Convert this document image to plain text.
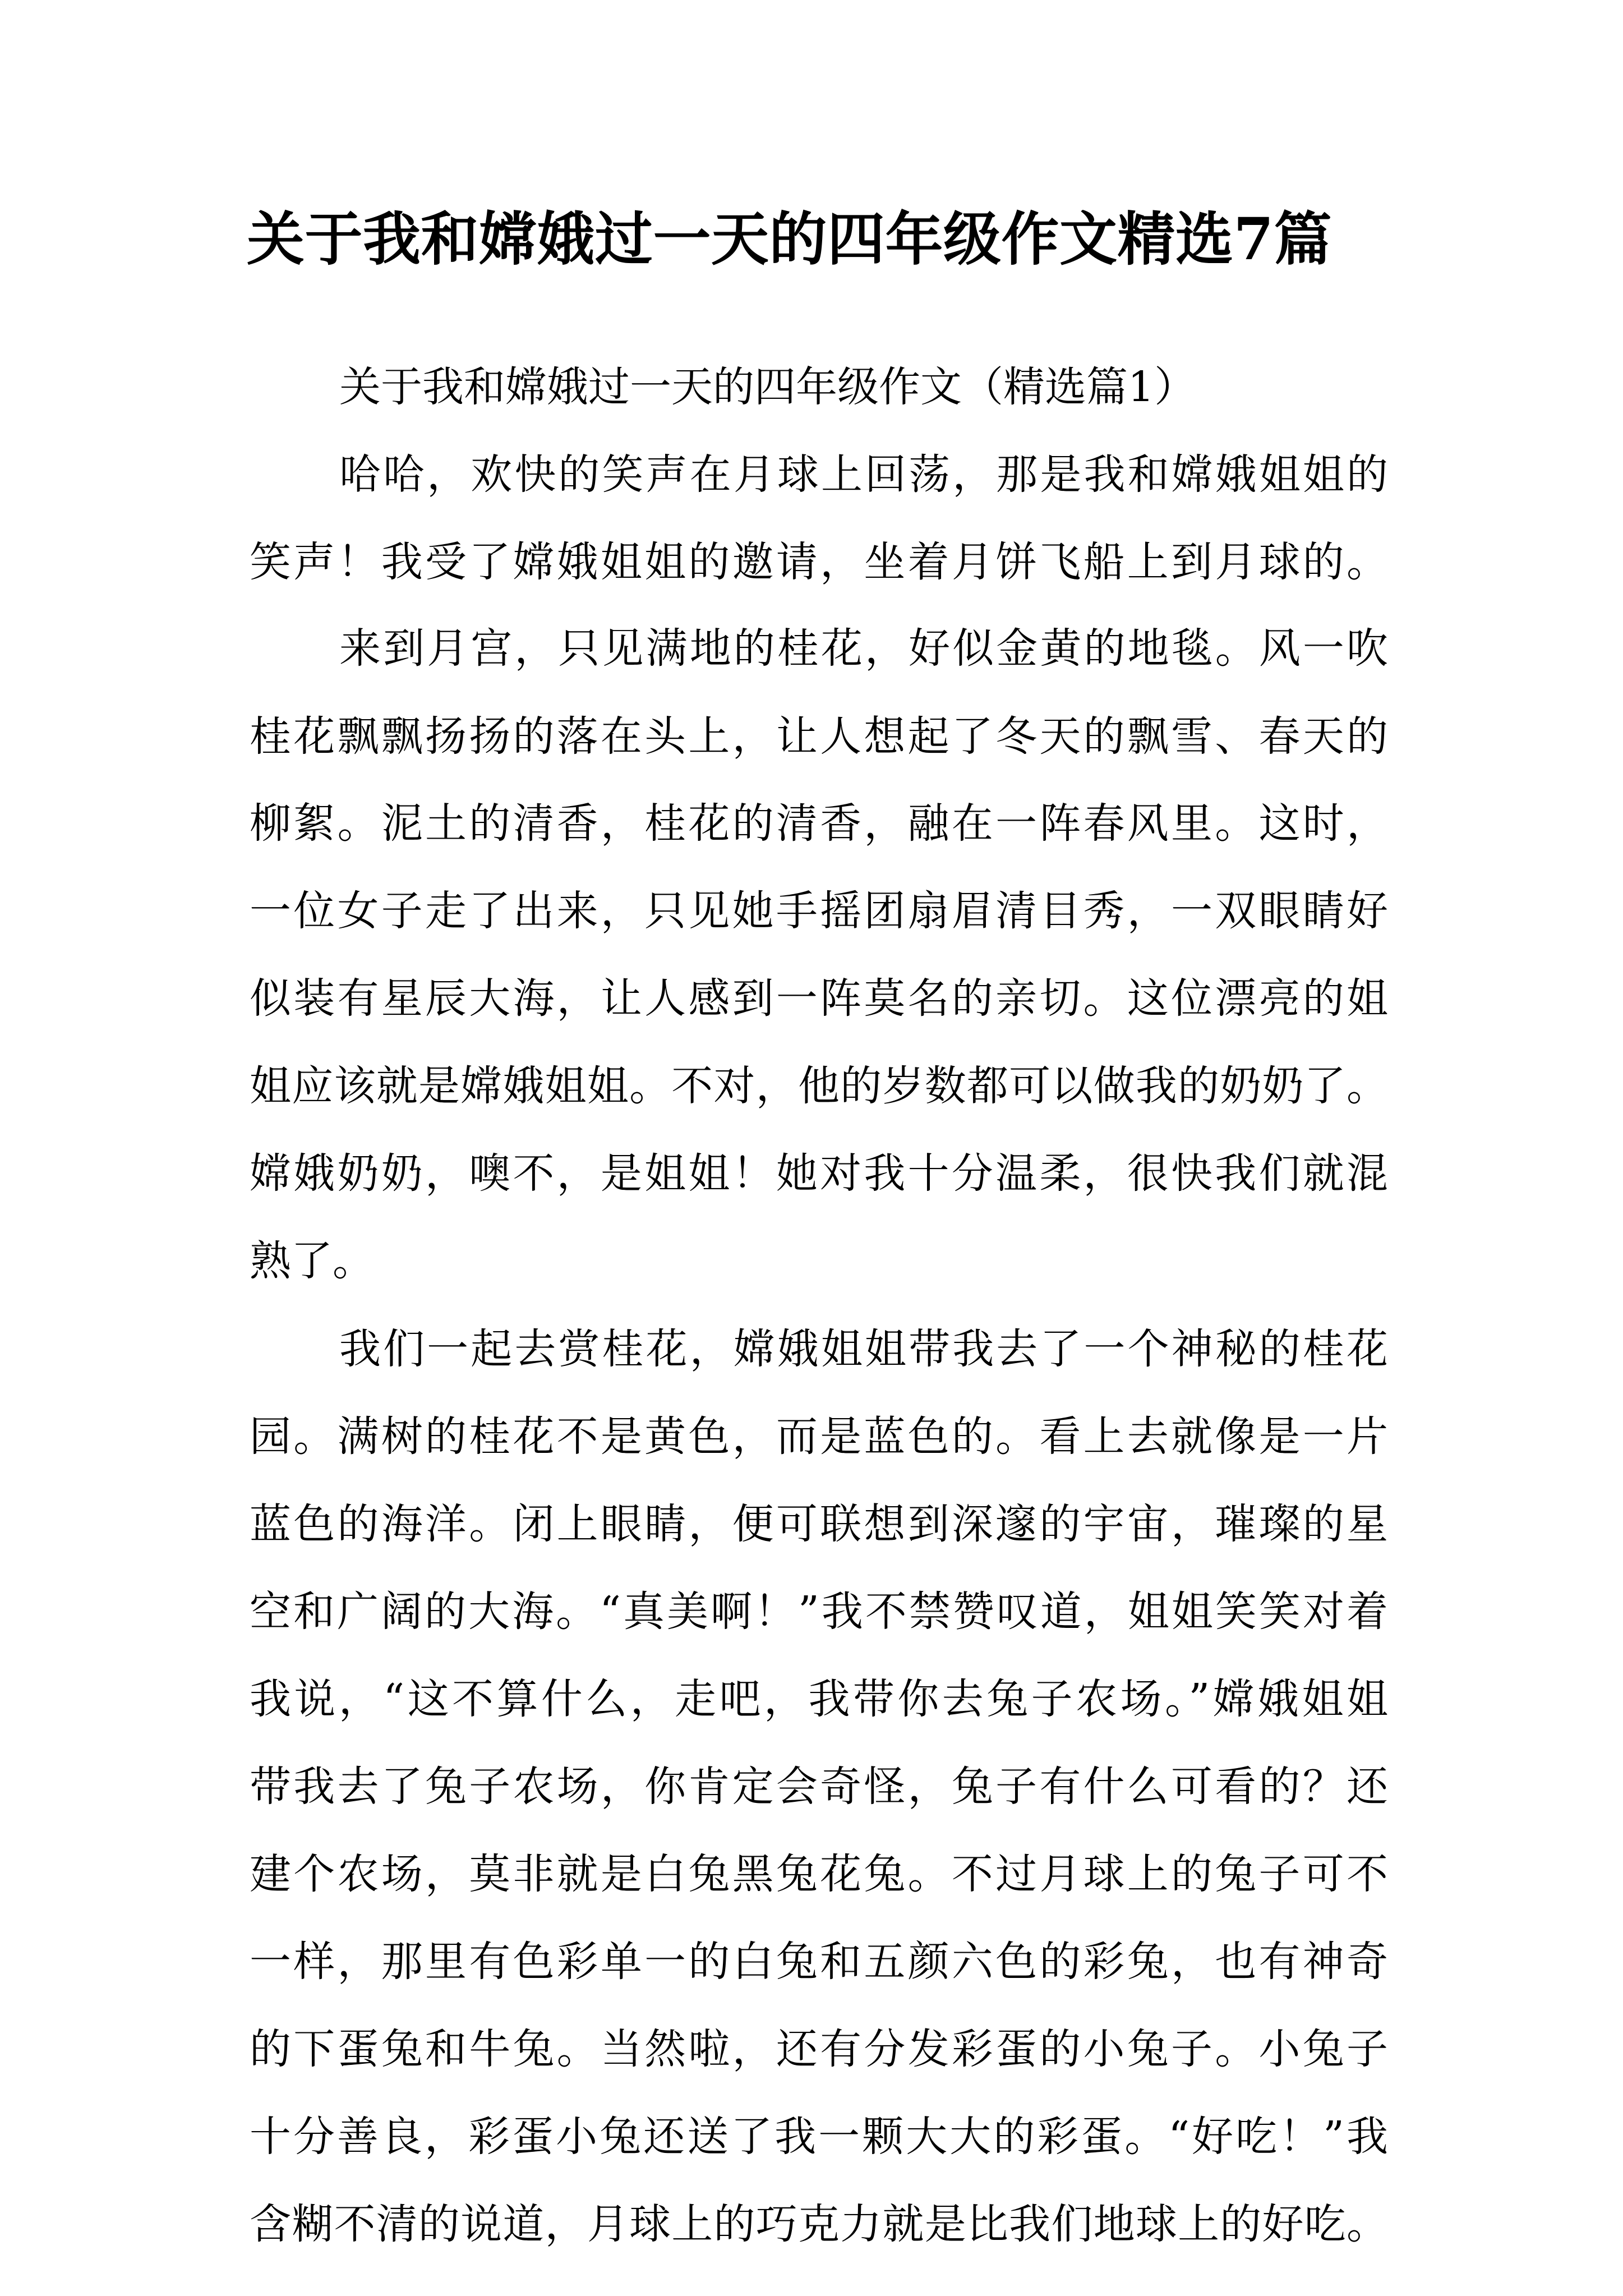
关于我和嫦娥过一天的四年级作文精选7篇
关于我和嫦娥过一天的四年级作文（精选篇1）
哈哈，欢快的笑声在月球上回荡，那是我和嫦娥姐姐的
笑声！我受了嫦娥姐姐的邀请，坐着月饼飞船上到月球的。
来到月宫，只见满地的桂花，好似金黄的地毯。风一吹
桂花飘飘扬扬的落在头上，让人想起了冬天的飘雪、春天的
柳絮。泥土的清香，桂花的清香，融在一阵春风里。这时，
一位女子走了出来，只见她手摇团扇眉清目秀，一双眼睛好
似装有星辰大海，让人感到一阵莫名的亲切。这位漂亮的姐
姐应该就是嫦娥姐姐。不对，他的岁数都可以做我的奶奶了。
嫦娥奶奶，噢不，是姐姐！她对我十分温柔，很快我们就混
熟了。
我们一起去赏桂花，嫦娥姐姐带我去了一个神秘的桂花
园。满树的桂花不是黄色，而是蓝色的。看上去就像是一片
蓝色的海洋。闭上眼睛，便可联想到深邃的宇宙，璀璨的星
空和广阔的大海。“真美啊！”我不禁赞叹道，姐姐笑笑对着
我说，“这不算什么，走吧，我带你去兔子农场。”嫦娥姐姐
带我去了兔子农场，你肯定会奇怪，兔子有什么可看的？还
建个农场，莫非就是白兔黑兔花兔。不过月球上的兔子可不
一样，那里有色彩单一的白兔和五颜六色的彩兔，也有神奇
的下蛋兔和牛兔。当然啦，还有分发彩蛋的小兔子。小兔子
十分善良，彩蛋小兔还送了我一颗大大的彩蛋。“好吃！”我
含糊不清的说道，月球上的巧克力就是比我们地球上的好吃。
